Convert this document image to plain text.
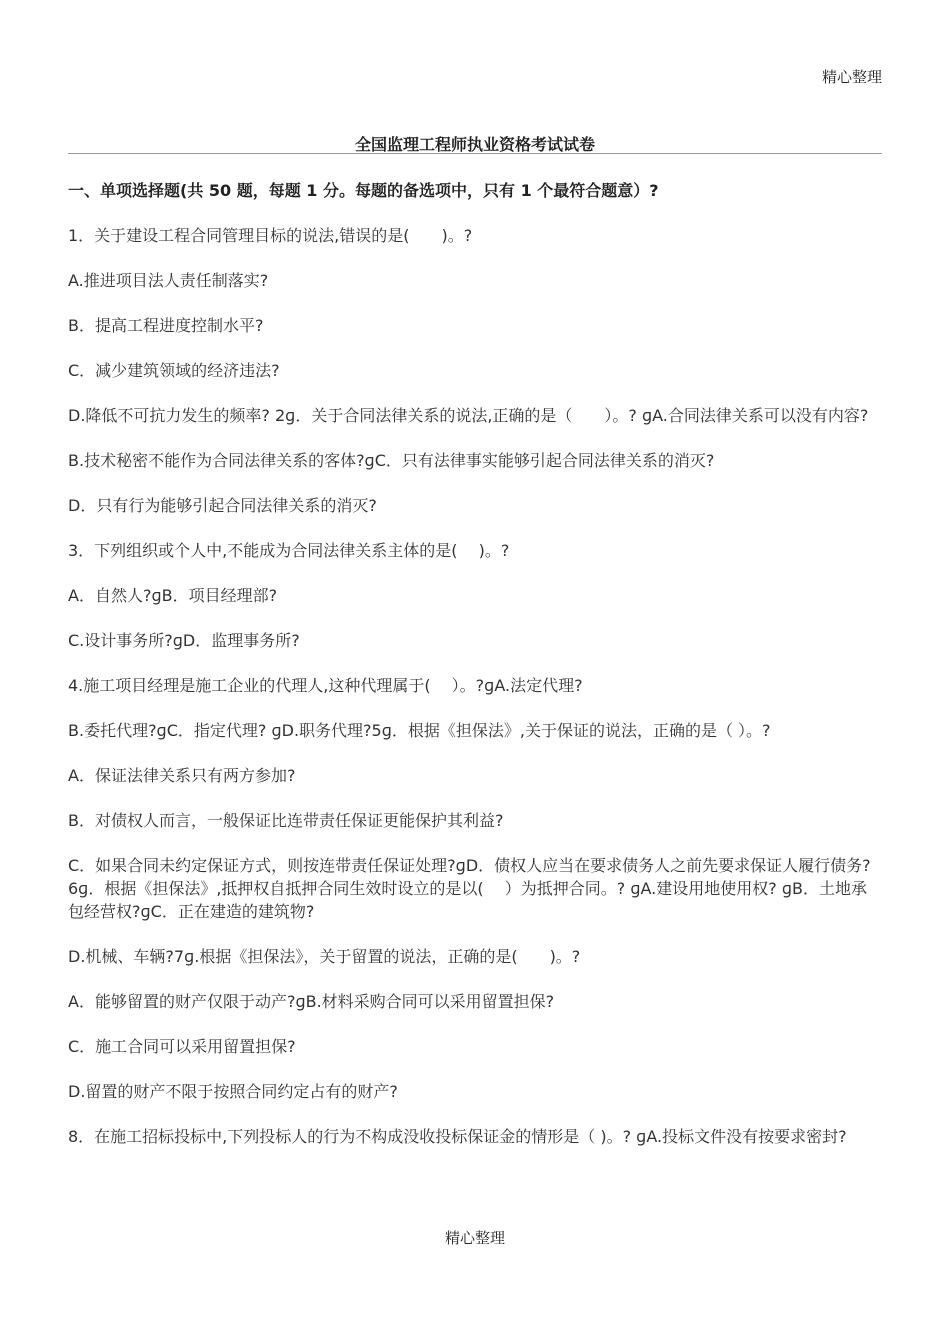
精心整理
全国监理工程师执业资格考试试卷
一、单项选择题(共 50 题，每题 1 分。每题的备选项中，只有 1 个最符合题意）?

1．关于建设工程合同管理目标的说法,错误的是(　　)。?

A.推进项目法人责任制落实?

B．提高工程进度控制水平?

C．减少建筑领域的经济违法?

D.降低不可抗力发生的频率? 2ɡ．关于合同法律关系的说法,正确的是（　　）。? ɡA.合同法律关系可以没有内容?

B.技术秘密不能作为合同法律关系的客体?ɡC．只有法律事实能够引起合同法律关系的消灭?

D．只有行为能够引起合同法律关系的消灭?

3．下列组织或个人中,不能成为合同法律关系主体的是(　 )。?

A．自然人?ɡB．项目经理部?

C.设计事务所?ɡD．监理事务所?

4.施工项目经理是施工企业的代理人,这种代理属于(　 ）。?ɡA.法定代理?

B.委托代理?ɡC．指定代理? ɡD.职务代理?5ɡ．根据《担保法》,关于保证的说法，正确的是（ ）。?

A．保证法律关系只有两方参加?

B．对债权人而言，一般保证比连带责任保证更能保护其利益?

C．如果合同未约定保证方式，则按连带责任保证处理?ɡD．债权人应当在要求债务人之前先要求保证人履行债务?6ɡ．根据《担保法》,抵押权自抵押合同生效时设立的是以(　 ）为抵押合同。? ɡA.建设用地使用权? ɡB．土地承包经营权?ɡC．正在建造的建筑物?

D.机械、车辆?7ɡ.根据《担保法》，关于留置的说法，正确的是(　　)。?

A．能够留置的财产仅限于动产?ɡB.材料采购合同可以采用留置担保?

C．施工合同可以采用留置担保?

D.留置的财产不限于按照合同约定占有的财产?

8．在施工招标投标中,下列投标人的行为不构成没收投标保证金的情形是（ )。? ɡA.投标文件没有按要求密封?

精心整理
